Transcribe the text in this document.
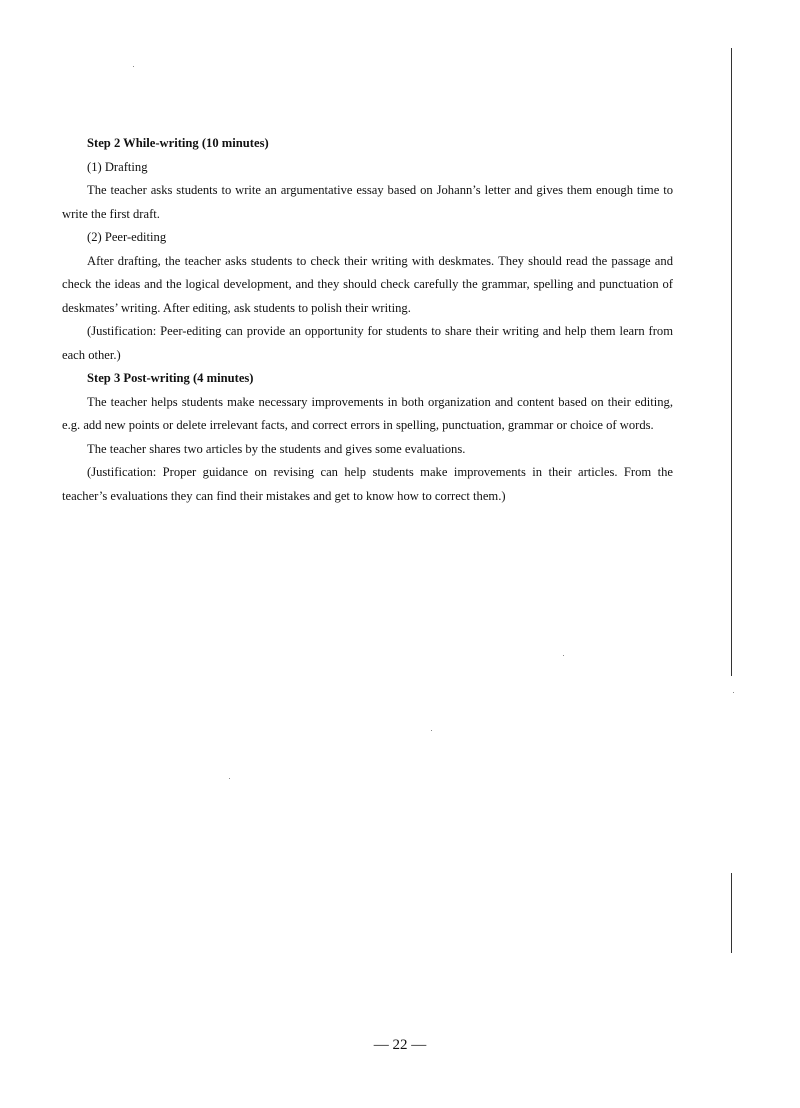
Step 2 While-writing (10 minutes)

(1) Drafting

The teacher asks students to write an argumentative essay based on Johann’s letter and gives them enough time to write the first draft.

(2) Peer-editing

After drafting, the teacher asks students to check their writing with deskmates. They should read the passage and check the ideas and the logical development, and they should check carefully the grammar, spelling and punctuation of deskmates’ writing. After editing, ask students to polish their writing.

(Justification: Peer-editing can provide an opportunity for students to share their writing and help them learn from each other.)

Step 3 Post-writing (4 minutes)

The teacher helps students make necessary improvements in both organization and content based on their editing, e.g. add new points or delete irrelevant facts, and correct errors in spelling, punctuation, grammar or choice of words.

The teacher shares two articles by the students and gives some evaluations.

(Justification: Proper guidance on revising can help students make improvements in their articles. From the teacher’s evaluations they can find their mistakes and get to know how to correct them.)

— 22 —
